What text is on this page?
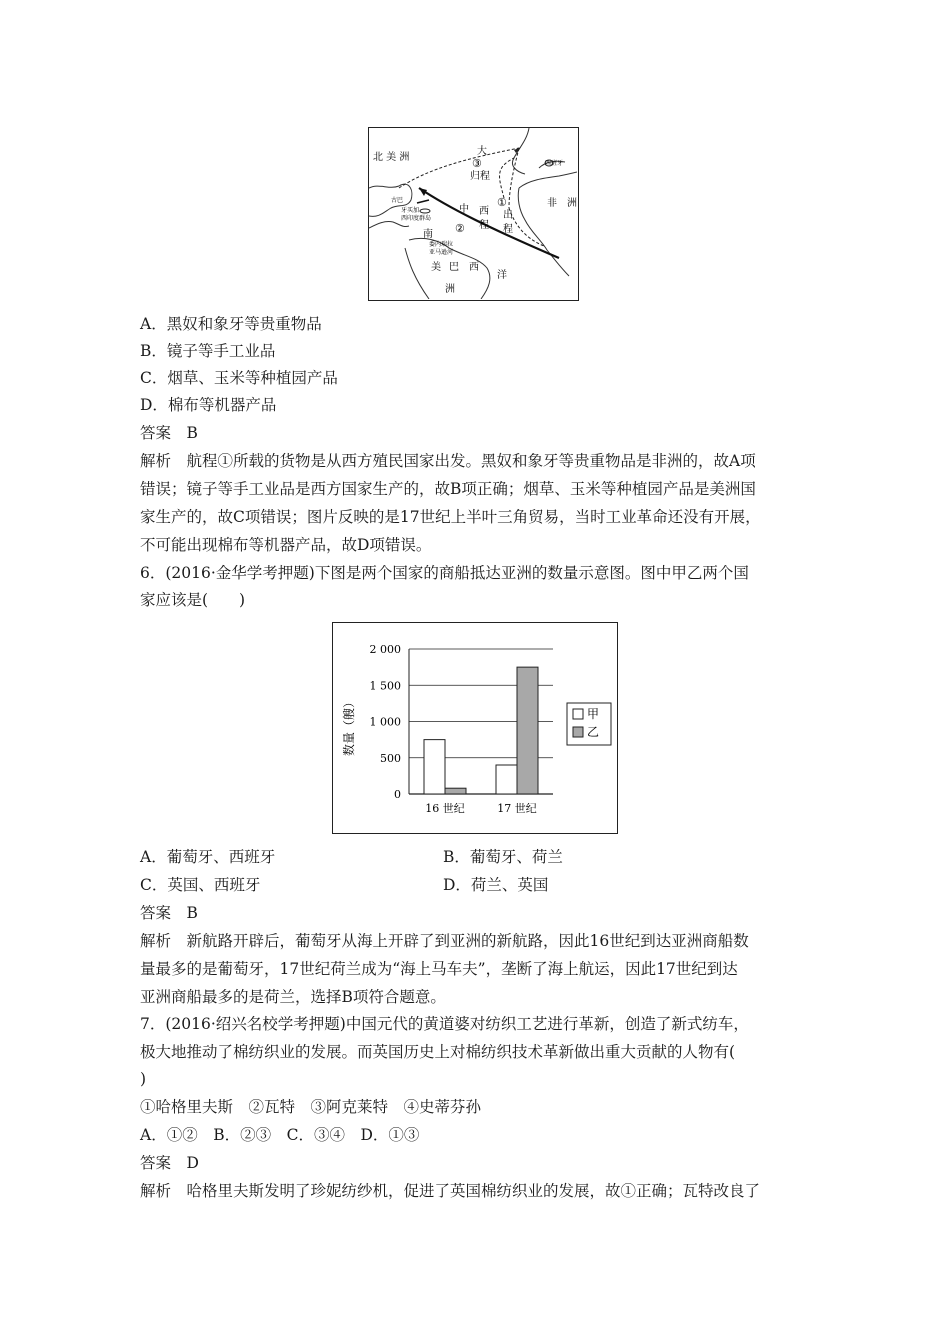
北 美 洲
大
③
归程
西班牙
①
出
程
非　洲
古巴
牙买加
西印度群岛
中 西
程
②
南
委内瑞拉
亚马逊河
美 巴　西
洲
洋
A．黑奴和象牙等贵重物品
B．镜子等手工业品
C．烟草、玉米等种植园产品
D．棉布等机器产品
答案　B
解析　航程①所载的货物是从西方殖民国家出发。黑奴和象牙等贵重物品是非洲的，故A项
错误；镜子等手工业品是西方国家生产的，故B项正确；烟草、玉米等种植园产品是美洲国
家生产的，故C项错误；图片反映的是17世纪上半叶三角贸易，当时工业革命还没有开展，
不可能出现棉布等机器产品，故D项错误。
6．(2016·金华学考押题)下图是两个国家的商船抵达亚洲的数量示意图。图中甲乙两个国
家应该是(　　)
0
500
1 000
1 500
2 000
16 世纪	17 世纪
数量（艘）	甲
乙
A．葡萄牙、西班牙	B．葡萄牙、荷兰
C．英国、西班牙	D．荷兰、英国
答案　B
解析　新航路开辟后，葡萄牙从海上开辟了到亚洲的新航路，因此16世纪到达亚洲商船数
量最多的是葡萄牙，17世纪荷兰成为“海上马车夫”，垄断了海上航运，因此17世纪到达
亚洲商船最多的是荷兰，选择B项符合题意。
7．(2016·绍兴名校学考押题)中国元代的黄道婆对纺织工艺进行革新，创造了新式纺车，
极大地推动了棉纺织业的发展。而英国历史上对棉纺织技术革新做出重大贡献的人物有(
)
①哈格里夫斯　②瓦特　③阿克莱特　④史蒂芬孙
A．①②　B．②③　C．③④　D．①③
答案　D
解析　哈格里夫斯发明了珍妮纺纱机，促进了英国棉纺织业的发展，故①正确；瓦特改良了
